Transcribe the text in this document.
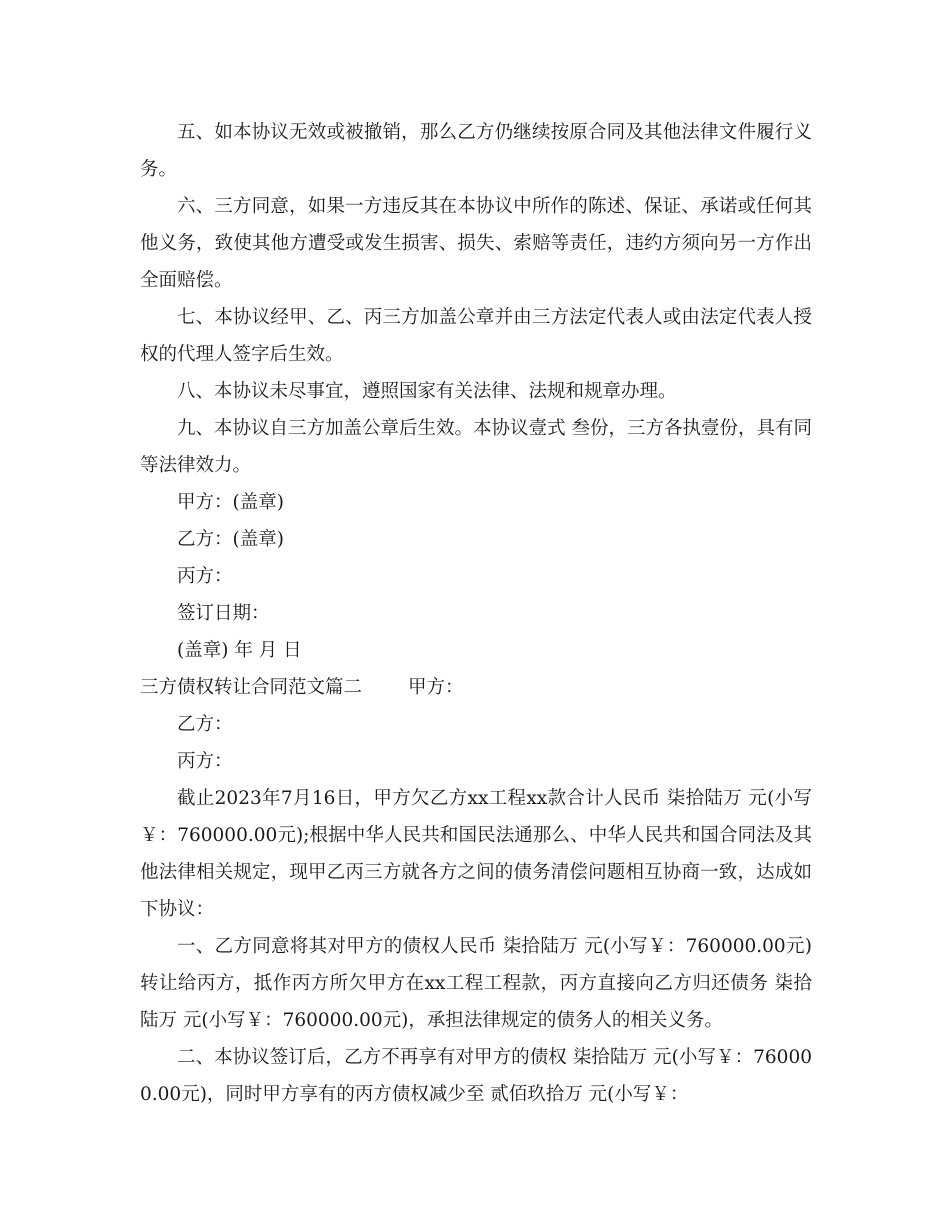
五、如本协议无效或被撤销，那么乙方仍继续按原合同及其他法律文件履行义务。

六、三方同意，如果一方违反其在本协议中所作的陈述、保证、承诺或任何其他义务，致使其他方遭受或发生损害、损失、索赔等责任，违约方须向另一方作出全面赔偿。

七、本协议经甲、乙、丙三方加盖公章并由三方法定代表人或由法定代表人授权的代理人签字后生效。

八、本协议未尽事宜，遵照国家有关法律、法规和规章办理。

九、本协议自三方加盖公章后生效。本协议壹式 叁份，三方各执壹份，具有同等法律效力。

甲方：(盖章)

乙方：(盖章)

丙方：

签订日期：

(盖章) 年 月 日

三方债权转让合同范文篇二 甲方：

乙方：

丙方：

截止2023年7月16日，甲方欠乙方xx工程xx款合计人民币 柒拾陆万 元(小写￥：760000.00元);根据中华人民共和国民法通那么、中华人民共和国合同法及其他法律相关规定，现甲乙丙三方就各方之间的债务清偿问题相互协商一致，达成如下协议：

一、乙方同意将其对甲方的债权人民币 柒拾陆万 元(小写￥：760000.00元)转让给丙方，抵作丙方所欠甲方在xx工程工程款，丙方直接向乙方归还债务 柒拾陆万 元(小写￥：760000.00元)，承担法律规定的债务人的相关义务。

二、本协议签订后，乙方不再享有对甲方的债权 柒拾陆万 元(小写￥：760000.00元)，同时甲方享有的丙方债权减少至 贰佰玖拾万 元(小写￥：
